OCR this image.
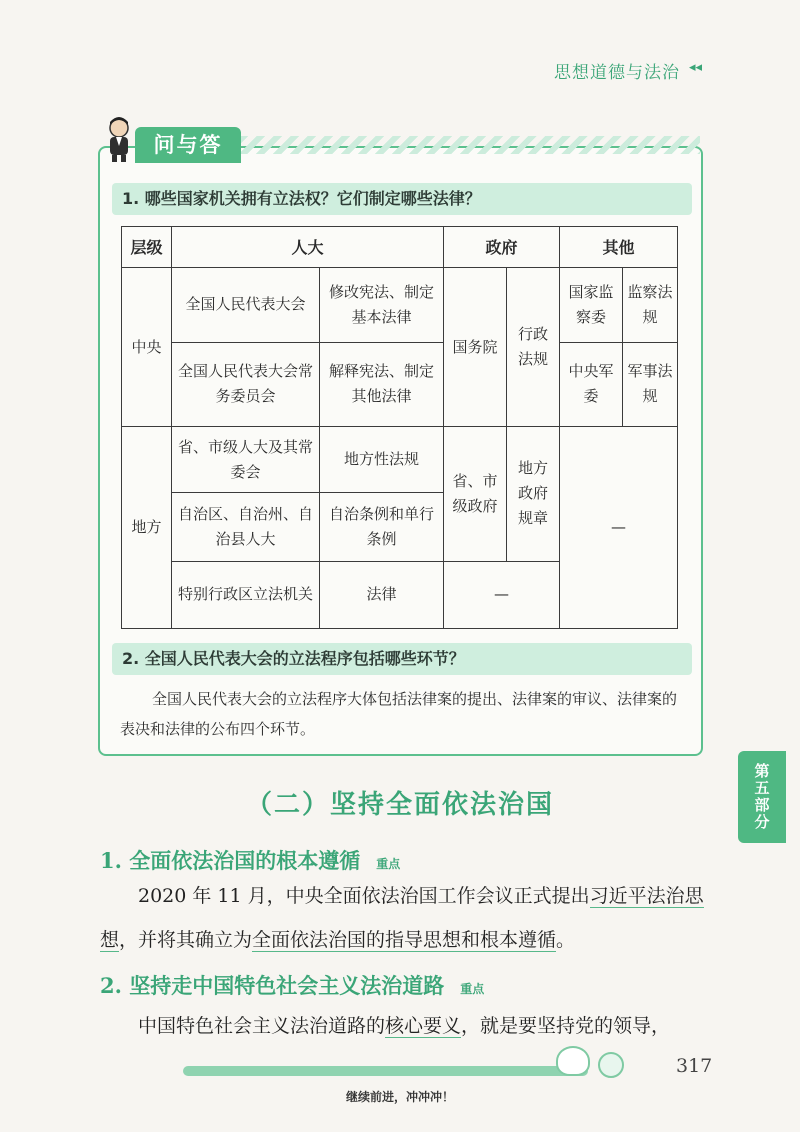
思想道德与法治 ◂◂
问与答
1. 哪些国家机关拥有立法权？它们制定哪些法律？
层级	人大		政府		其他	
中央	全国人民代表大会	修改宪法、制定基本法律	国务院	行政法规	国家监察委	监察法规
	全国人民代表大会常务委员会	解释宪法、制定其他法律			中央军委	军事法规
地方	省、市级人大及其常委会	地方性法规	省、市级政府	地方政府规章	—	
	自治区、自治州、自治县人大	自治条例和单行条例				
	特别行政区立法机关	法律	—			
2. 全国人民代表大会的立法程序包括哪些环节？
全国人民代表大会的立法程序大体包括法律案的提出、法律案的审议、法律案的表决和法律的公布四个环节。
（二）坚持全面依法治国	第五部分
1. 全面依法治国的根本遵循 重点
2020 年 11 月，中央全面依法治国工作会议正式提出习近平法治思想，并将其确立为全面依法治国的指导思想和根本遵循。
2. 坚持走中国特色社会主义法治道路 重点
中国特色社会主义法治道路的核心要义，就是要坚持党的领导，
317
继续前进，冲冲冲！
